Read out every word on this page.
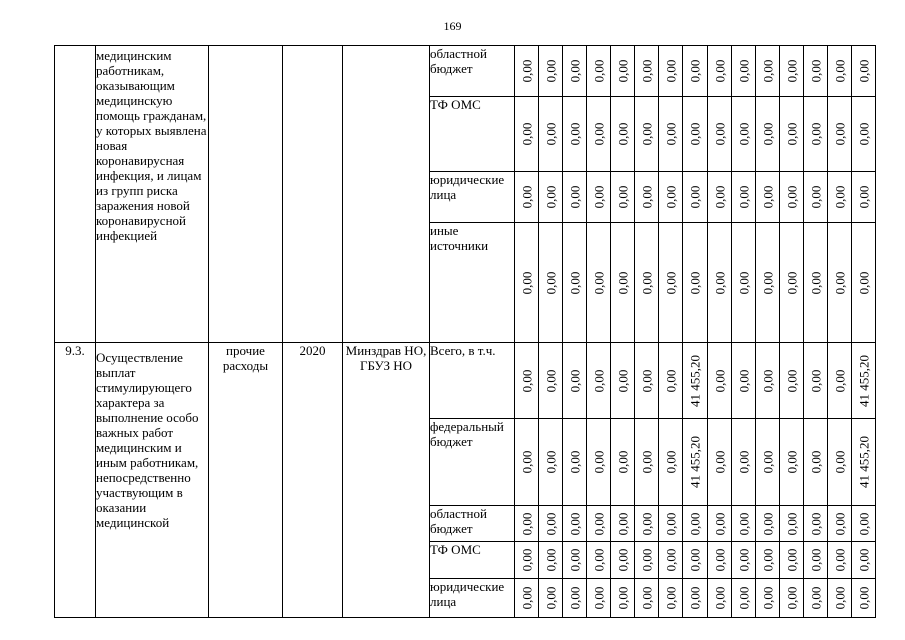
169
	медицинским работникам, оказывающим медицинскую помощь гражданам, у которых выявлена новая коронавирусная инфекция, и лицам из групп риска заражения новой коронавирусной инфекцией				областной бюджет	0,00	0,00	0,00	0,00	0,00	0,00	0,00	0,00	0,00	0,00	0,00	0,00	0,00	0,00	0,00

					ТФ ОМС	0,00	0,00	0,00	0,00	0,00	0,00	0,00	0,00	0,00	0,00	0,00	0,00	0,00	0,00	0,00

					юридические лица	0,00	0,00	0,00	0,00	0,00	0,00	0,00	0,00	0,00	0,00	0,00	0,00	0,00	0,00	0,00

					иные источники	0,00	0,00	0,00	0,00	0,00	0,00	0,00	0,00	0,00	0,00	0,00	0,00	0,00	0,00	0,00

9.3.	Осуществление выплат стимулирующего характера за выполнение особо важных работ медицинским и иным работникам, непосредственно участвующим в оказании медицинской	прочие расходы	2020	Минздрав НО, ГБУЗ НО	Всего, в т.ч.	0,00	0,00	0,00	0,00	0,00	0,00	0,00	41 455,20	0,00	0,00	0,00	0,00	0,00	0,00	41 455,20

					федеральный бюджет	0,00	0,00	0,00	0,00	0,00	0,00	0,00	41 455,20	0,00	0,00	0,00	0,00	0,00	0,00	41 455,20

					областной бюджет	0,00	0,00	0,00	0,00	0,00	0,00	0,00	0,00	0,00	0,00	0,00	0,00	0,00	0,00	0,00

					ТФ ОМС	0,00	0,00	0,00	0,00	0,00	0,00	0,00	0,00	0,00	0,00	0,00	0,00	0,00	0,00	0,00

					юридические лица	0,00	0,00	0,00	0,00	0,00	0,00	0,00	0,00	0,00	0,00	0,00	0,00	0,00	0,00	0,00
